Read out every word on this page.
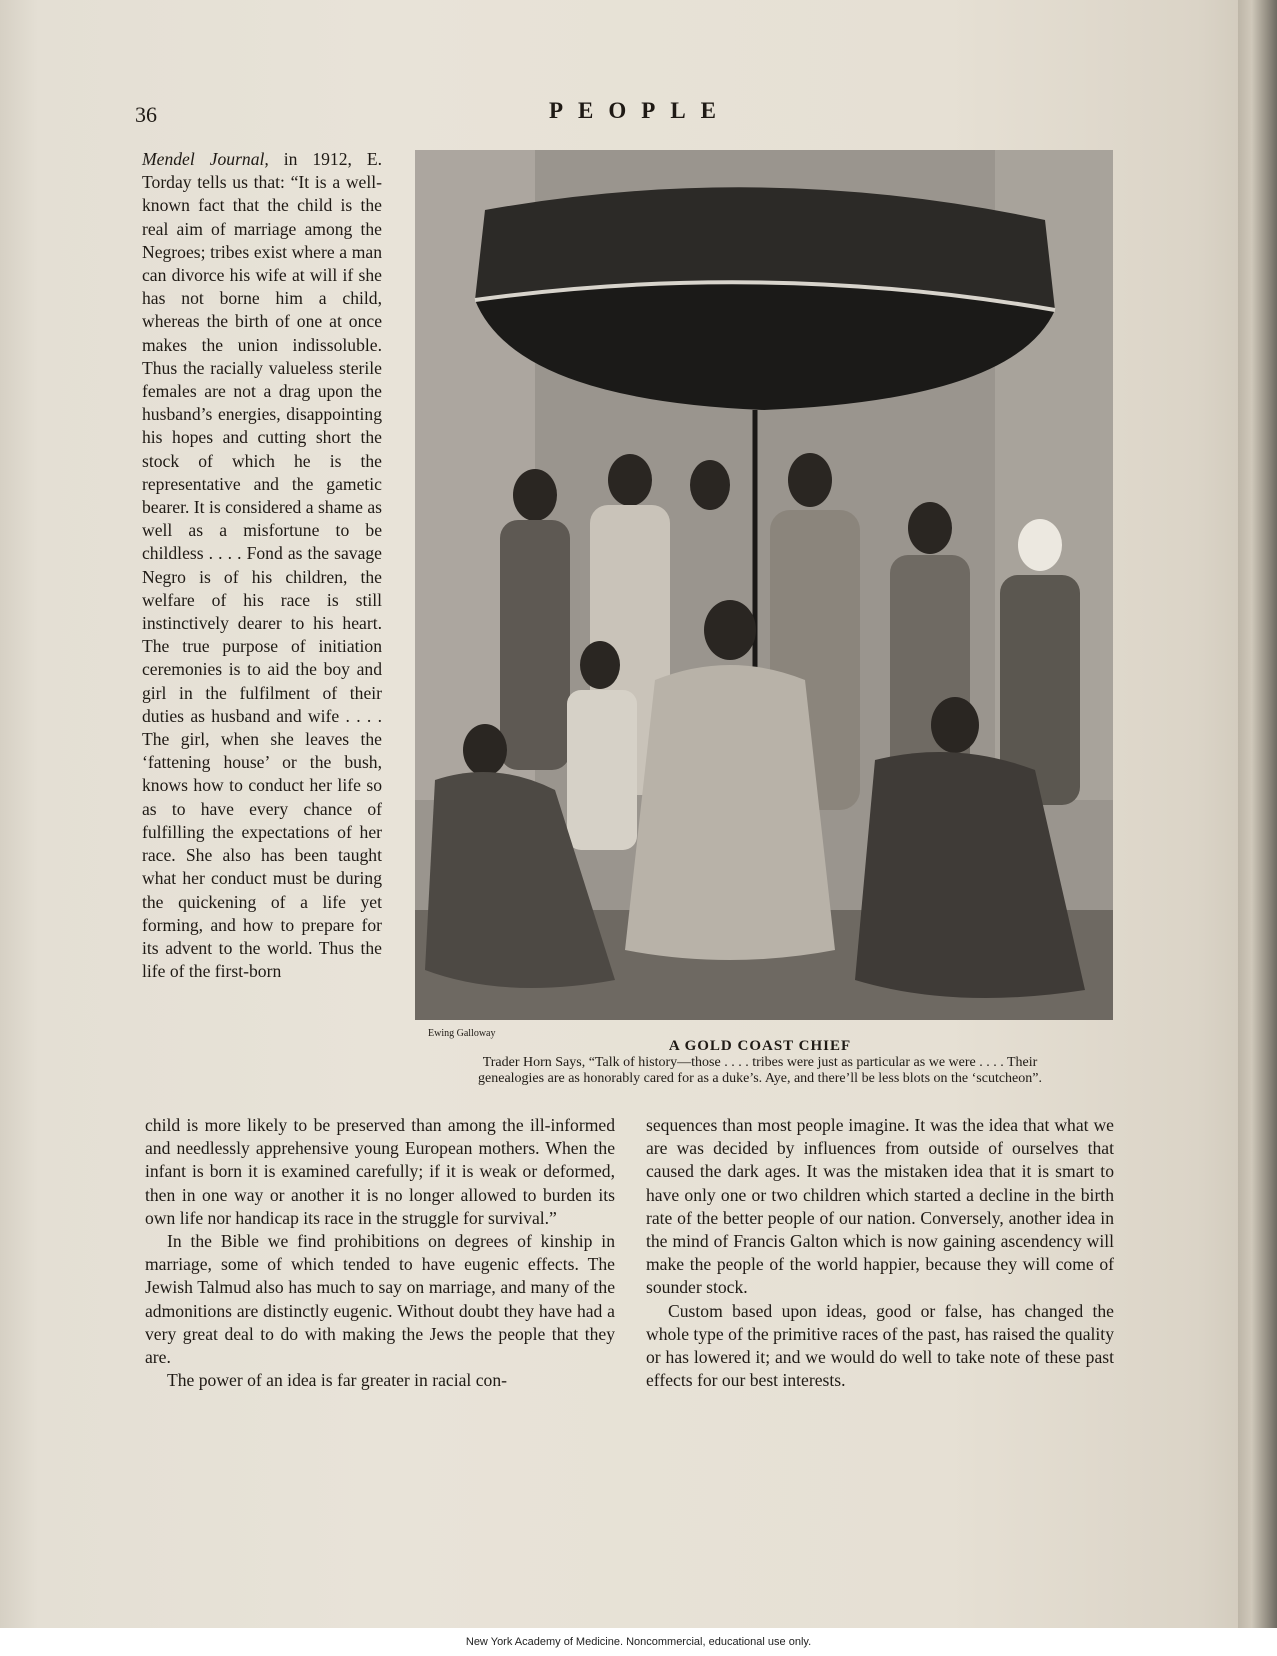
36	PEOPLE

Mendel Journal, in 1912, E. Torday tells us that: “It is a well-known fact that the child is the real aim of marriage among the Negroes; tribes exist where a man can divorce his wife at will if she has not borne him a child, whereas the birth of one at once makes the union indissoluble. Thus the racially valueless sterile females are not a drag upon the husband’s energies, disappointing his hopes and cutting short the stock of which he is the representative and the gametic bearer. It is considered a shame as well as a misfortune to be childless . . . . Fond as the savage Negro is of his children, the welfare of his race is still instinctively dearer to his heart. The true purpose of initiation ceremonies is to aid the boy and girl in the fulfilment of their duties as husband and wife . . . . The girl, when she leaves the ‘fattening house’ or the bush, knows how to conduct her life so as to have every chance of fulfilling the expectations of her race. She also has been taught what her conduct must be during the quickening of a life yet forming, and how to prepare for its advent to the world. Thus the life of the first-born

Ewing Galloway
A GOLD COAST CHIEF
Trader Horn Says, “Talk of history—those . . . . tribes were just as particular as we were . . . . Their genealogies are as honorably cared for as a duke’s. Aye, and there’ll be less blots on the ‘scutcheon”.

child is more likely to be preserved than among the ill-informed and needlessly apprehensive young European mothers. When the infant is born it is examined carefully; if it is weak or deformed, then in one way or another it is no longer allowed to burden its own life nor handicap its race in the struggle for survival.”

In the Bible we find prohibitions on degrees of kinship in marriage, some of which tended to have eugenic effects. The Jewish Talmud also has much to say on marriage, and many of the admonitions are distinctly eugenic. Without doubt they have had a very great deal to do with making the Jews the people that they are.

The power of an idea is far greater in racial con-

sequences than most people imagine. It was the idea that what we are was decided by influences from outside of ourselves that caused the dark ages. It was the mistaken idea that it is smart to have only one or two children which started a decline in the birth rate of the better people of our nation. Conversely, another idea in the mind of Francis Galton which is now gaining ascendency will make the people of the world happier, because they will come of sounder stock.

Custom based upon ideas, good or false, has changed the whole type of the primitive races of the past, has raised the quality or has lowered it; and we would do well to take note of these past effects for our best interests.

New York Academy of Medicine. Noncommercial, educational use only.
